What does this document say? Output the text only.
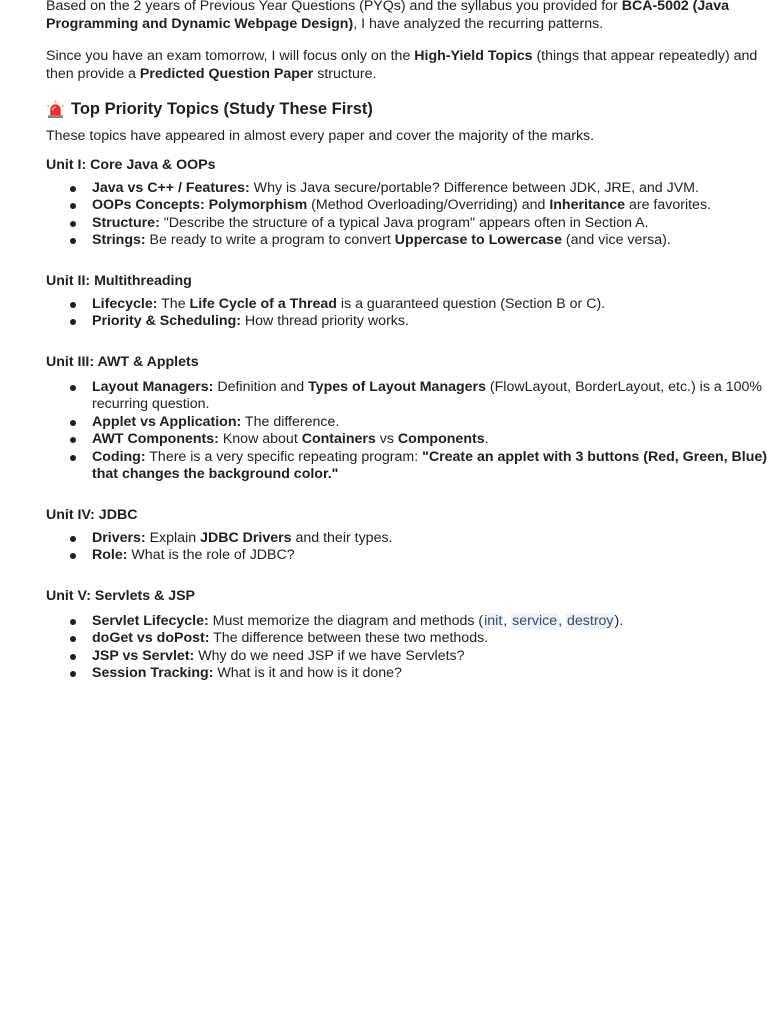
Based on the 2 years of Previous Year Questions (PYQs) and the syllabus you provided for BCA-5002 (Java Programming and Dynamic Webpage Design), I have analyzed the recurring patterns.

Since you have an exam tomorrow, I will focus only on the High-Yield Topics (things that appear repeatedly) and then provide a Predicted Question Paper structure.

Top Priority Topics (Study These First)

These topics have appeared in almost every paper and cover the majority of the marks.

Unit I: Core Java & OOPs
Java vs C++ / Features: Why is Java secure/portable? Difference between JDK, JRE, and JVM.
OOPs Concepts: Polymorphism (Method Overloading/Overriding) and Inheritance are favorites.
Structure: "Describe the structure of a typical Java program" appears often in Section A.
Strings: Be ready to write a program to convert Uppercase to Lowercase (and vice versa).
Unit II: Multithreading
Lifecycle: The Life Cycle of a Thread is a guaranteed question (Section B or C).
Priority & Scheduling: How thread priority works.
Unit III: AWT & Applets
Layout Managers: Definition and Types of Layout Managers (FlowLayout, BorderLayout, etc.) is a 100% recurring question.
Applet vs Application: The difference.
AWT Components: Know about Containers vs Components.
Coding: There is a very specific repeating program: "Create an applet with 3 buttons (Red, Green, Blue) that changes the background color."
Unit IV: JDBC
Drivers: Explain JDBC Drivers and their types.
Role: What is the role of JDBC?
Unit V: Servlets & JSP
Servlet Lifecycle: Must memorize the diagram and methods (init, service, destroy).
doGet vs doPost: The difference between these two methods.
JSP vs Servlet: Why do we need JSP if we have Servlets?
Session Tracking: What is it and how is it done?
